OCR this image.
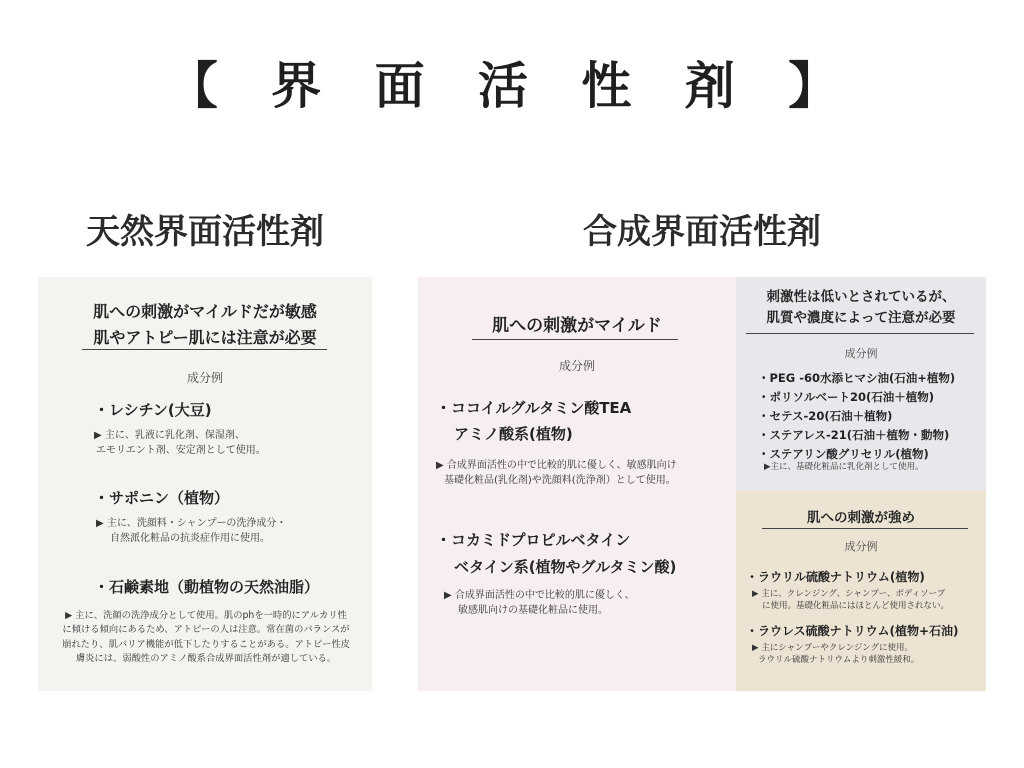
【 界 面 活 性 剤 】
天然界面活性剤	合成界面活性剤
肌への刺激がマイルドだが敏感
肌やアトピー肌には注意が必要
成分例
・レシチン(大豆)
▶ 主に、乳液に乳化剤、保湿剤、
エモリエント剤、安定剤として使用。
・サポニン（植物）
▶ 主に、洗顔料・シャンプーの洗浄成分・
自然派化粧品の抗炎症作用に使用。
・石鹸素地（動植物の天然油脂）
▶ 主に、洗顔の洗浄成分として使用。肌のphを一時的にアルカリ性
に傾ける傾向にあるため、アトピーの人は注意。常在菌のバランスが
崩れたり、肌バリア機能が低下したりすることがある。アトピー性皮
膚炎には、弱酸性のアミノ酸系合成界面活性剤が適している。
肌への刺激がマイルド
成分例
・ココイルグルタミン酸TEA
アミノ酸系(植物)
▶ 合成界面活性の中で比較的肌に優しく、敏感肌向け
基礎化粧品(乳化剤)や洗顔料(洗浄剤）として使用。
・コカミドプロピルベタイン
ベタイン系(植物やグルタミン酸)
▶ 合成界面活性の中で比較的肌に優しく、
敏感肌向けの基礎化粧品に使用。
刺激性は低いとされているが、
肌質や濃度によって注意が必要
成分例
・PEG -60水添ヒマシ油(石油+植物)
・ポリソルベート20(石油＋植物)
・セテス-20(石油＋植物)
・ステアレス-21(石油＋植物・動物)
・ステアリン酸グリセリル(植物)
▶主に、基礎化粧品に乳化剤として使用。
肌への刺激が強め
成分例
・ラウリル硫酸ナトリウム(植物)
▶ 主に、クレンジング、シャンプー、ボディソープ
に使用。基礎化粧品にはほとんど使用されない。
・ラウレス硫酸ナトリウム(植物+石油)
▶ 主にシャンプーやクレンジングに使用。
ラウリル硫酸ナトリウムより刺激性緩和。
